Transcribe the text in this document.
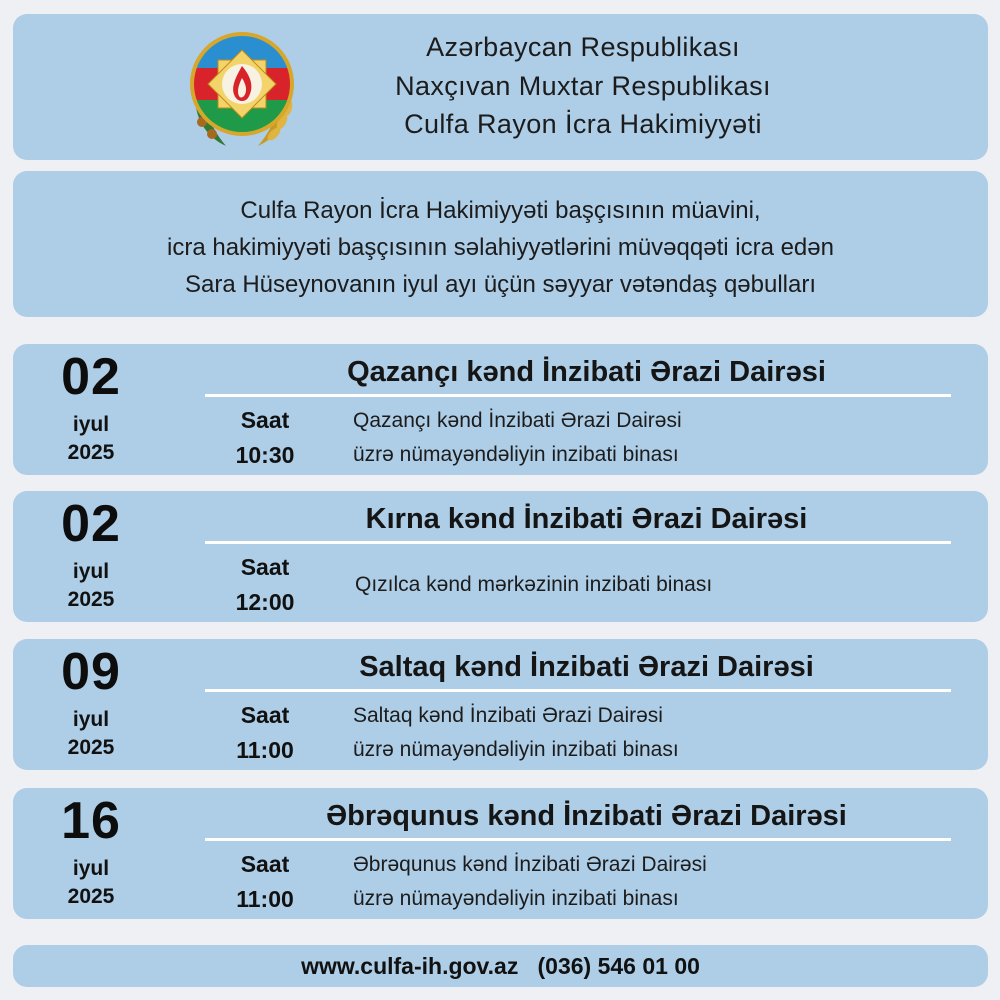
Azərbaycan Respublikası
Naxçıvan Muxtar Respublikası
Culfa Rayon İcra Hakimiyyəti
Culfa Rayon İcra Hakimiyyəti başçısının müavini,
icra hakimiyyəti başçısının səlahiyyətlərini müvəqqəti icra edən
Sara Hüseynovanın iyul ayı üçün səyyar vətəndaş qəbulları
02
iyul
2025
Qazançı kənd İnzibati Ərazi Dairəsi
Saat
10:30
Qazançı kənd İnzibati Ərazi Dairəsi
üzrə nümayəndəliyin inzibati binası
02
iyul
2025
Kırna kənd İnzibati Ərazi Dairəsi
Saat
12:00
Qızılca kənd mərkəzinin inzibati binası
09
iyul
2025
Saltaq kənd İnzibati Ərazi Dairəsi
Saat
11:00
Saltaq kənd İnzibati Ərazi Dairəsi
üzrə nümayəndəliyin inzibati binası
16
iyul
2025
Əbrəqunus kənd İnzibati Ərazi Dairəsi
Saat
11:00
Əbrəqunus kənd İnzibati Ərazi Dairəsi
üzrə nümayəndəliyin inzibati binası
www.culfa-ih.gov.az (036) 546 01 00
